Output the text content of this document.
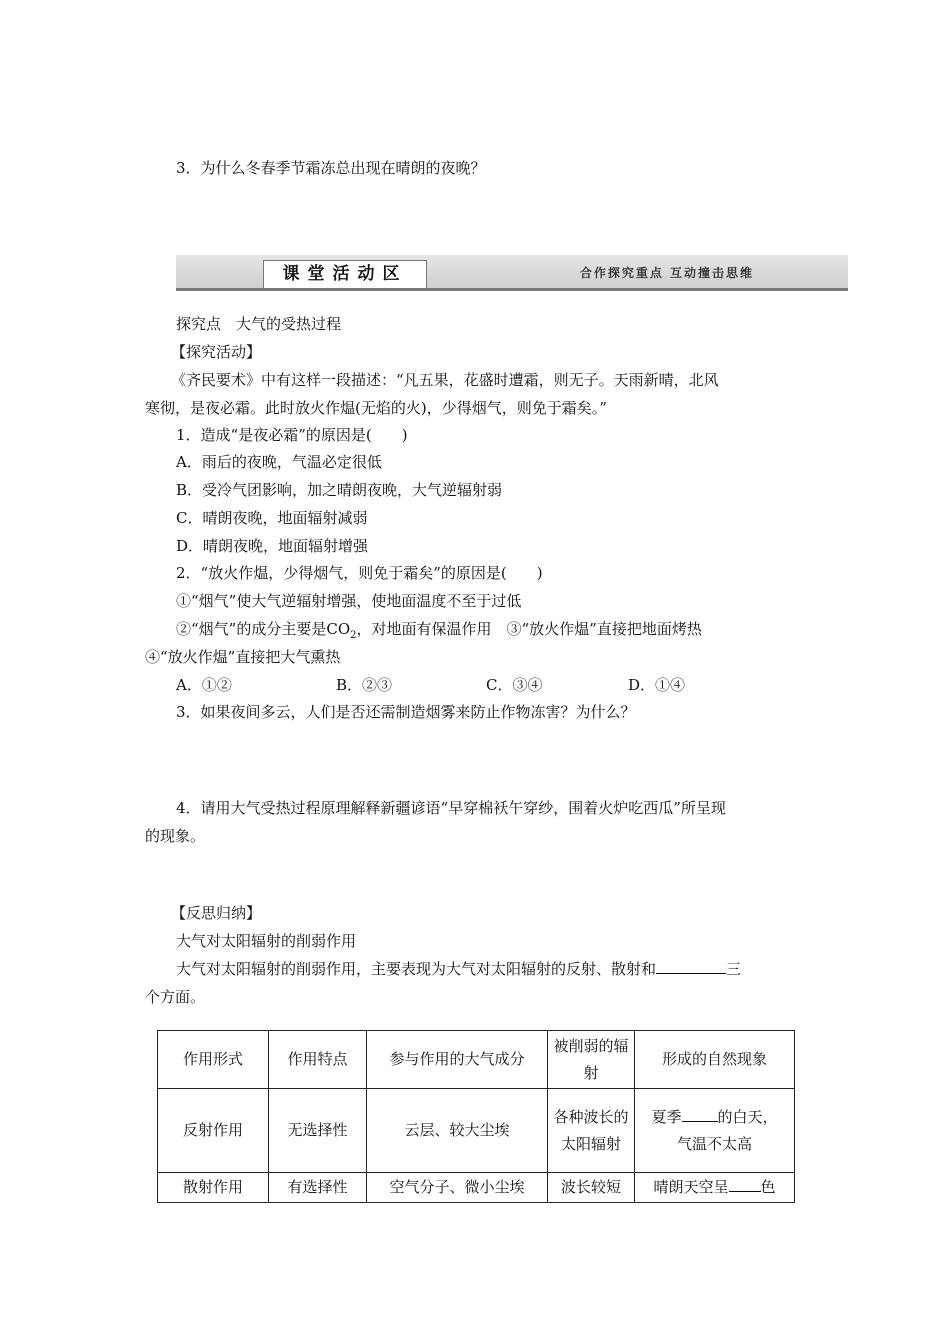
3．为什么冬春季节霜冻总出现在晴朗的夜晚？
课堂活动区	合作探究重点 互动撞击思维
探究点　大气的受热过程
【探究活动】
《齐民要术》中有这样一段描述：“凡五果，花盛时遭霜，则无子。天雨新晴，北风
寒彻，是夜必霜。此时放火作煴(无焰的火)，少得烟气，则免于霜矣。”
1．造成“是夜必霜”的原因是(　　)
A．雨后的夜晚，气温必定很低
B．受冷气团影响，加之晴朗夜晚，大气逆辐射弱
C．晴朗夜晚，地面辐射减弱
D．晴朗夜晚，地面辐射增强
2．“放火作煴，少得烟气，则免于霜矣”的原因是(　　)
①“烟气”使大气逆辐射增强，使地面温度不至于过低
②“烟气”的成分主要是$CO_2$，对地面有保温作用　③“放火作煴”直接把地面烤热
④“放火作煴”直接把大气熏热
A．①②	B．②③	C．③④	D．①④
3．如果夜间多云，人们是否还需制造烟雾来防止作物冻害？为什么？
4．请用大气受热过程原理解释新疆谚语“早穿棉袄午穿纱，围着火炉吃西瓜”所呈现
的现象。
【反思归纳】
大气对太阳辐射的削弱作用
大气对太阳辐射的削弱作用，主要表现为大气对太阳辐射的反射、散射和	三
个方面。
作用形式	作用特点	参与作用的大气成分	被削弱的辐射	形成的自然现象
反射作用	无选择性	云层、较大尘埃	各种波长的太阳辐射	夏季 的白天，
气温不太高
散射作用	有选择性	空气分子、微小尘埃	波长较短	晴朗天空呈 色
